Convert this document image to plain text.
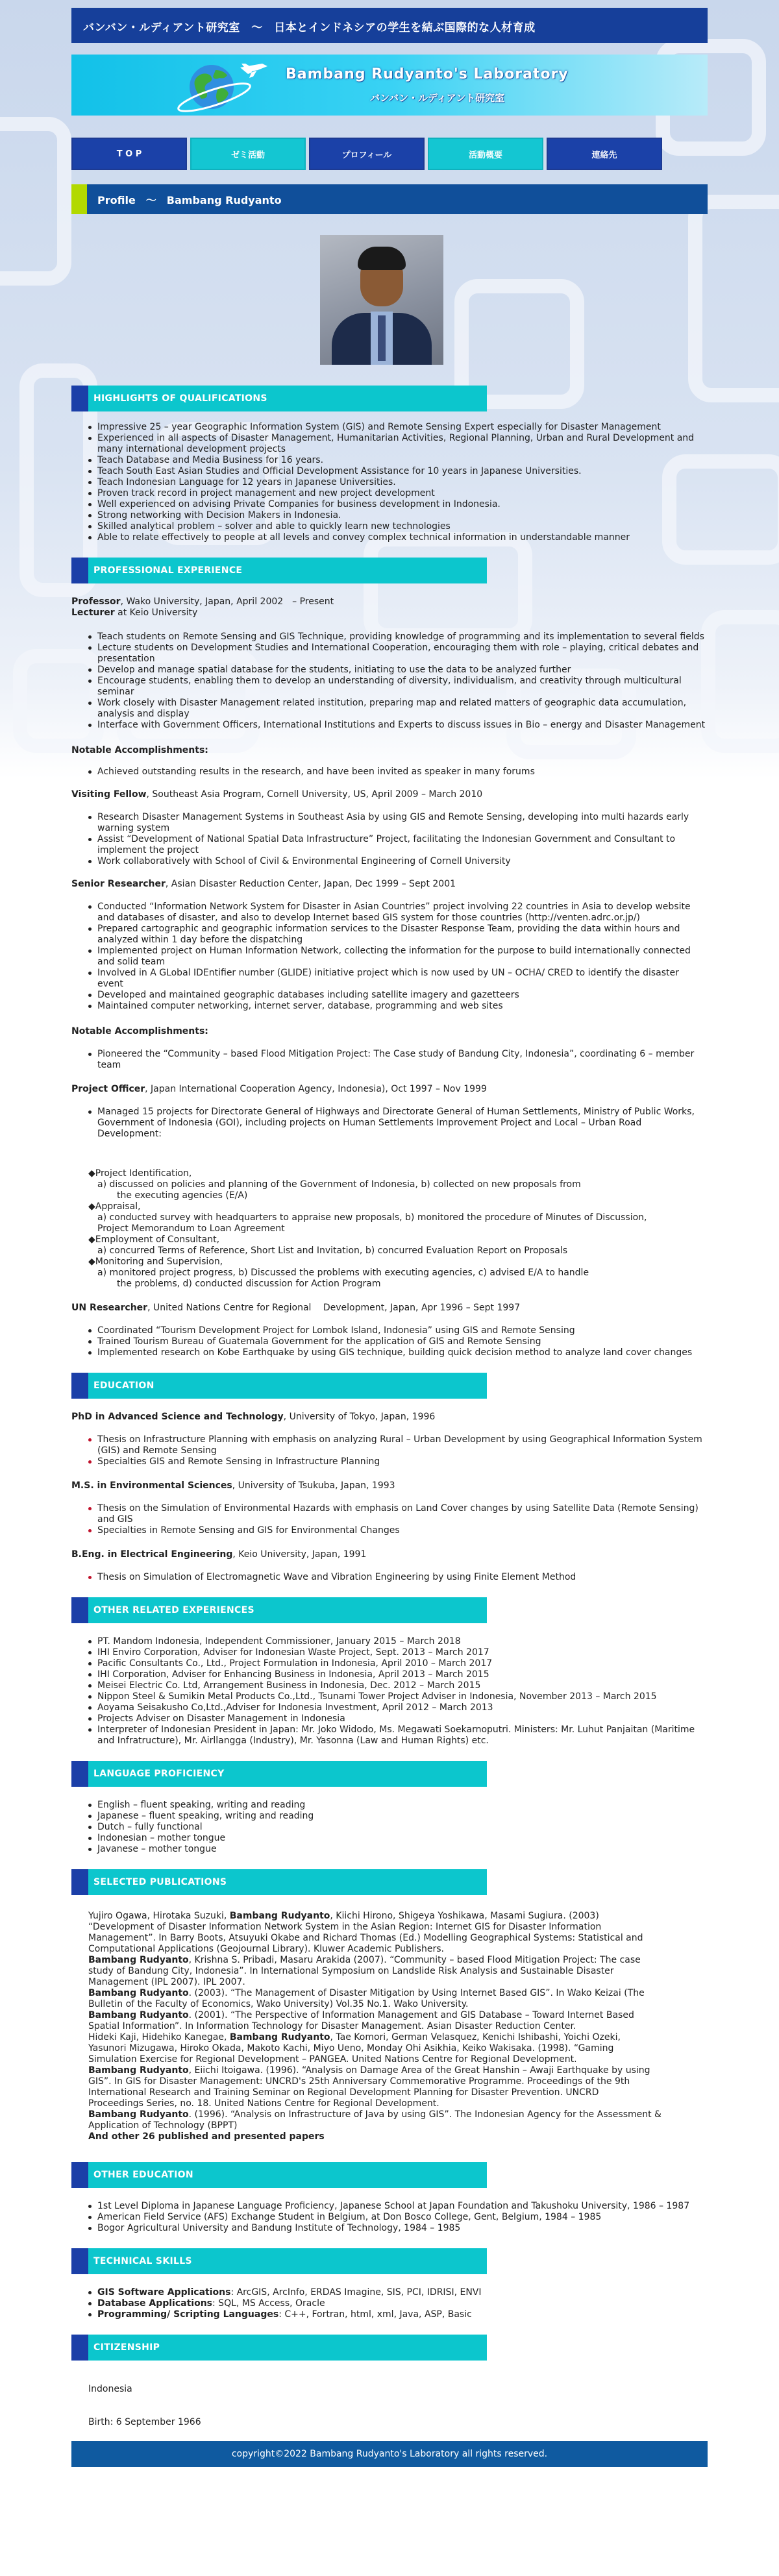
バンバン・ルディアント研究室　〜　日本とインドネシアの学生を結ぶ国際的な人材育成
Bambang Rudyanto's Laboratory
バンバン・ルディアント研究室
T O P	ゼミ活動	プロフィール	活動概要	連絡先
Profile　〜　Bambang Rudyanto
HIGHLIGHTS OF QUALIFICATIONS
Impressive 25 – year Geographic Information System (GIS) and Remote Sensing Expert especially for Disaster Management
Experienced in all aspects of Disaster Management, Humanitarian Activities, Regional Planning, Urban and Rural Development and many international development projects
Teach Database and Media Business for 16 years.
Teach South East Asian Studies and Official Development Assistance for 10 years in Japanese Universities.
Teach Indonesian Language for 12 years in Japanese Universities.
Proven track record in project management and new project development
Well experienced on advising Private Companies for business development in Indonesia.
Strong networking with Decision Makers in Indonesia.
Skilled analytical problem – solver and able to quickly learn new technologies
Able to relate effectively to people at all levels and convey complex technical information in understandable manner
PROFESSIONAL EXPERIENCE
Professor, Wako University, Japan, April 2002　– Present
Lecturer at Keio University
Teach students on Remote Sensing and GIS Technique, providing knowledge of programming and its implementation to several fields
Lecture students on Development Studies and International Cooperation, encouraging them with role – playing, critical debates and presentation
Develop and manage spatial database for the students, initiating to use the data to be analyzed further
Encourage students, enabling them to develop an understanding of diversity, individualism, and creativity through multicultural seminar
Work closely with Disaster Management related institution, preparing map and related matters of geographic data accumulation, analysis and display
Interface with Government Officers, International Institutions and Experts to discuss issues in Bio – energy and Disaster Management
Notable Accomplishments:
Achieved outstanding results in the research, and have been invited as speaker in many forums
Visiting Fellow, Southeast Asia Program, Cornell University, US, April 2009 – March 2010
Research Disaster Management Systems in Southeast Asia by using GIS and Remote Sensing, developing into multi hazards early warning system
Assist “Development of National Spatial Data Infrastructure” Project, facilitating the Indonesian Government and Consultant to implement the project
Work collaboratively with School of Civil & Environmental Engineering of Cornell University
Senior Researcher, Asian Disaster Reduction Center, Japan, Dec 1999 – Sept 2001
Conducted “Information Network System for Disaster in Asian Countries” project involving 22 countries in Asia to develop website and databases of disaster, and also to develop Internet based GIS system for those countries (http://venten.adrc.or.jp/)
Prepared cartographic and geographic information services to the Disaster Response Team, providing the data within hours and analyzed within 1 day before the dispatching
Implemented project on Human Information Network, collecting the information for the purpose to build internationally connected and solid team
Involved in A GLobal IDEntifier number (GLIDE) initiative project which is now used by UN – OCHA/ CRED to identify the disaster event
Developed and maintained geographic databases including satellite imagery and gazetteers
Maintained computer networking, internet server, database, programming and web sites
Notable Accomplishments:
Pioneered the “Community – based Flood Mitigation Project: The Case study of Bandung City, Indonesia”, coordinating 6 – member team
Project Officer, Japan International Cooperation Agency, Indonesia), Oct 1997 – Nov 1999
Managed 15 projects for Directorate General of Highways and Directorate General of Human Settlements, Ministry of Public Works, Government of Indonesia (GOI), including projects on Human Settlements Improvement Project and Local – Urban Road Development:
◆Project Identification,
a) discussed on policies and planning of the Government of Indonesia, b) collected on new proposals from
the executing agencies (E/A)
◆Appraisal,
a) conducted survey with headquarters to appraise new proposals, b) monitored the procedure of Minutes of Discussion,
Project Memorandum to Loan Agreement
◆Employment of Consultant,
a) concurred Terms of Reference, Short List and Invitation, b) concurred Evaluation Report on Proposals
◆Monitoring and Supervision,
a) monitored project progress, b) Discussed the problems with executing agencies, c) advised E/A to handle
the problems, d) conducted discussion for Action Program
UN Researcher, United Nations Centre for Regional　 Development, Japan, Apr 1996 – Sept 1997
Coordinated “Tourism Development Project for Lombok Island, Indonesia” using GIS and Remote Sensing
Trained Tourism Bureau of Guatemala Government for the application of GIS and Remote Sensing
Implemented research on Kobe Earthquake by using GIS technique, building quick decision method to analyze land cover changes
EDUCATION
PhD in Advanced Science and Technology, University of Tokyo, Japan, 1996
Thesis on Infrastructure Planning with emphasis on analyzing Rural – Urban Development by using Geographical Information System (GIS) and Remote Sensing
Specialties GIS and Remote Sensing in Infrastructure Planning
M.S. in Environmental Sciences, University of Tsukuba, Japan, 1993
Thesis on the Simulation of Environmental Hazards with emphasis on Land Cover changes by using Satellite Data (Remote Sensing) and GIS
Specialties in Remote Sensing and GIS for Environmental Changes
B.Eng. in Electrical Engineering, Keio University, Japan, 1991
Thesis on Simulation of Electromagnetic Wave and Vibration Engineering by using Finite Element Method
OTHER RELATED EXPERIENCES
PT. Mandom Indonesia, Independent Commissioner, January 2015 – March 2018
IHI Enviro Corporation, Adviser for Indonesian Waste Project, Sept. 2013 – March 2017
Pacific Consultants Co., Ltd., Project Formulation in Indonesia, April 2010 – March 2017
IHI Corporation, Adviser for Enhancing Business in Indonesia, April 2013 – March 2015
Meisei Electric Co. Ltd, Arrangement Business in Indonesia, Dec. 2012 – March 2015
Nippon Steel & Sumikin Metal Products Co.,Ltd., Tsunami Tower Project Adviser in Indonesia, November 2013 – March 2015
Aoyama Seisakusho Co,Ltd.,Adviser for Indonesia Investment, April 2012 – March 2013
Projects Adviser on Disaster Management in Indonesia
Interpreter of Indonesian President in Japan: Mr. Joko Widodo, Ms. Megawati Soekarnoputri. Ministers: Mr. Luhut Panjaitan (Maritime and Infratructure), Mr. Airllangga (Industry), Mr. Yasonna (Law and Human Rights) etc.
LANGUAGE PROFICIENCY
English – fluent speaking, writing and reading
Japanese – fluent speaking, writing and reading
Dutch – fully functional
Indonesian – mother tongue
Javanese – mother tongue
SELECTED PUBLICATIONS

Yujiro Ogawa, Hirotaka Suzuki, Bambang Rudyanto, Kiichi Hirono, Shigeya Yoshikawa, Masami Sugiura. (2003)

“Development of Disaster Information Network System in the Asian Region: Internet GIS for Disaster Information

Management”. In Barry Boots, Atsuyuki Okabe and Richard Thomas (Ed.) Modelling Geographical Systems: Statistical and

Computational Applications (Geojournal Library). Kluwer Academic Publishers.

Bambang Rudyanto, Krishna S. Pribadi, Masaru Arakida (2007). “Community – based Flood Mitigation Project: The case

study of Bandung City, Indonesia”. In International Symposium on Landslide Risk Analysis and Sustainable Disaster

Management (IPL 2007). IPL 2007.

Bambang Rudyanto. (2003). “The Management of Disaster Mitigation by Using Internet Based GIS”. In Wako Keizai (The

Bulletin of the Faculty of Economics, Wako University) Vol.35 No.1. Wako University.

Bambang Rudyanto. (2001). “The Perspective of Information Management and GIS Database – Toward Internet Based

Spatial Information”. In Information Technology for Disaster Management. Asian Disaster Reduction Center.

Hideki Kaji, Hidehiko Kanegae, Bambang Rudyanto, Tae Komori, German Velasquez, Kenichi Ishibashi, Yoichi Ozeki,

Yasunori Mizugawa, Hiroko Okada, Makoto Kachi, Miyo Ueno, Monday Ohi Asikhia, Keiko Wakisaka. (1998). “Gaming

Simulation Exercise for Regional Development – PANGEA. United Nations Centre for Regional Development.

Bambang Rudyanto, Eiichi Itoigawa. (1996). “Analysis on Damage Area of the Great Hanshin – Awaji Earthquake by using

GIS”. In GIS for Disaster Management: UNCRD's 25th Anniversary Commemorative Programme. Proceedings of the 9th

International Research and Training Seminar on Regional Development Planning for Disaster Prevention. UNCRD

Proceedings Series, no. 18. United Nations Centre for Regional Development.

Bambang Rudyanto. (1996). “Analysis on Infrastructure of Java by using GIS”. The Indonesian Agency for the Assessment &

Application of Technology (BPPT)

And other 26 published and presented papers

OTHER EDUCATION
1st Level Diploma in Japanese Language Proficiency, Japanese School at Japan Foundation and Takushoku University, 1986 – 1987
American Field Service (AFS) Exchange Student in Belgium, at Don Bosco College, Gent, Belgium, 1984 – 1985
Bogor Agricultural University and Bandung Institute of Technology, 1984 – 1985
TECHNICAL SKILLS
GIS Software Applications: ArcGIS, ArcInfo, ERDAS Imagine, SIS, PCI, IDRISI, ENVI
Database Applications: SQL, MS Access, Oracle
Programming/ Scripting Languages: C++, Fortran, html, xml, Java, ASP, Basic
CITIZENSHIP
Indonesia
Birth: 6 September 1966
copyright©2022 Bambang Rudyanto's Laboratory all rights reserved.
